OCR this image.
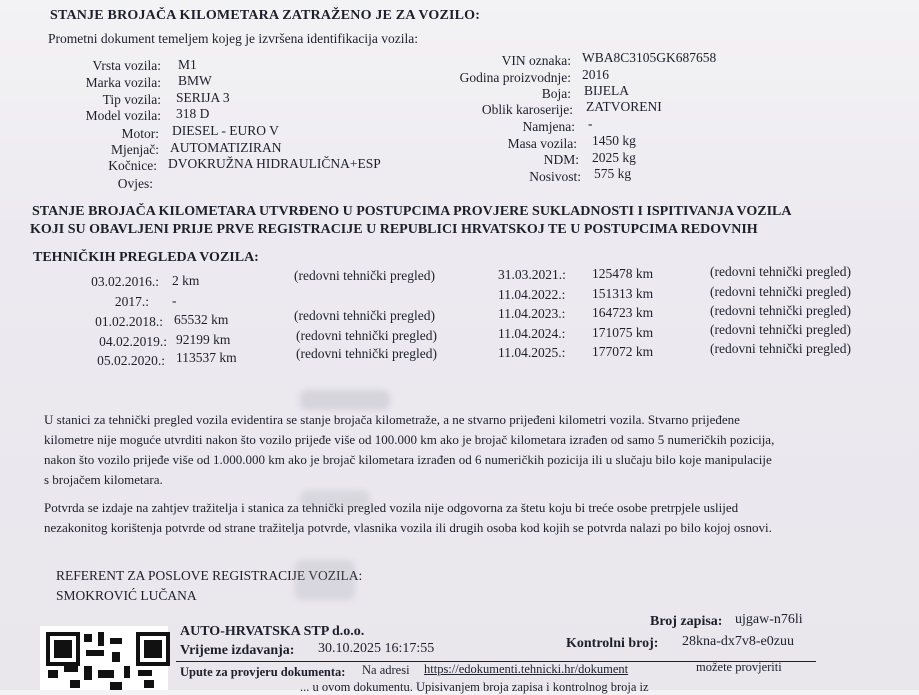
STANJE BROJAČA KILOMETARA ZATRAŽENO JE ZA VOZILO:
Prometni dokument temeljem kojeg je izvršena identifikacija vozila:
Vrsta vozila: M1
Marka vozila: BMW
Tip vozila: SERIJA 3
Model vozila: 318 D
Motor: DIESEL - EURO V
Mjenjač: AUTOMATIZIRAN
Kočnice: DVOKRUŽNA HIDRAULIČNA+ESP
Ovjes:
VIN oznaka: WBA8C3105GK687658
Godina proizvodnje: 2016
Boja: BIJELA
Oblik karoserije: ZATVORENI
Namjena: -
Masa vozila: 1450 kg
NDM: 2025 kg
Nosivost: 575 kg
STANJE BROJAČA KILOMETARA UTVRĐENO U POSTUPCIMA PROVJERE SUKLADNOSTI I ISPITIVANJA VOZILA
KOJI SU OBAVLJENI PRIJE PRVE REGISTRACIJE U REPUBLICI HRVATSKOJ TE U POSTUPCIMA REDOVNIH
TEHNIČKIH PREGLEDA VOZILA:
03.02.2016.: 2 km	(redovni tehnički pregled)
2017.: -
01.02.2018.: 65532 km	(redovni tehnički pregled)
04.02.2019.: 92199 km	(redovni tehnički pregled)
05.02.2020.: 113537 km	(redovni tehnički pregled)
31.03.2021.: 125478 km	(redovni tehnički pregled)
11.04.2022.: 151313 km	(redovni tehnički pregled)
11.04.2023.: 164723 km	(redovni tehnički pregled)
11.04.2024.: 171075 km	(redovni tehnički pregled)
11.04.2025.: 177072 km	(redovni tehnički pregled)
U stanici za tehnički pregled vozila evidentira se stanje brojača kilometraže, a ne stvarno prijeđeni kilometri vozila. Stvarno prijeđene
kilometre nije moguće utvrditi nakon što vozilo prijeđe više od 100.000 km ako je brojač kilometara izrađen od samo 5 numeričkih pozicija,
nakon što vozilo prijeđe više od 1.000.000 km ako je brojač kilometara izrađen od 6 numeričkih pozicija ili u slučaju bilo koje manipulacije
s brojačem kilometara.
Potvrda se izdaje na zahtjev tražitelja i stanica za tehnički pregled vozila nije odgovorna za štetu koju bi treće osobe pretrpjele uslijed
nezakonitog korištenja potvrde od strane tražitelja potvrde, vlasnika vozila ili drugih osoba kod kojih se potvrda nalazi po bilo kojoj osnovi.
REFERENT ZA POSLOVE REGISTRACIJE VOZILA:
SMOKROVIĆ LUČANA
AUTO-HRVATSKA STP d.o.o.
Vrijeme izdavanja: 30.10.2025 16:17:55
Broj zapisa: ujgaw-n76li
Kontrolni broj: 28kna-dx7v8-e0zuu
Upute za provjeru dokumenta: Na adresi https://edokumenti.tehnicki.hr/dokument	možete provjeriti
... u ovom dokumentu. Upisivanjem broja zapisa i kontrolnog broja iz
